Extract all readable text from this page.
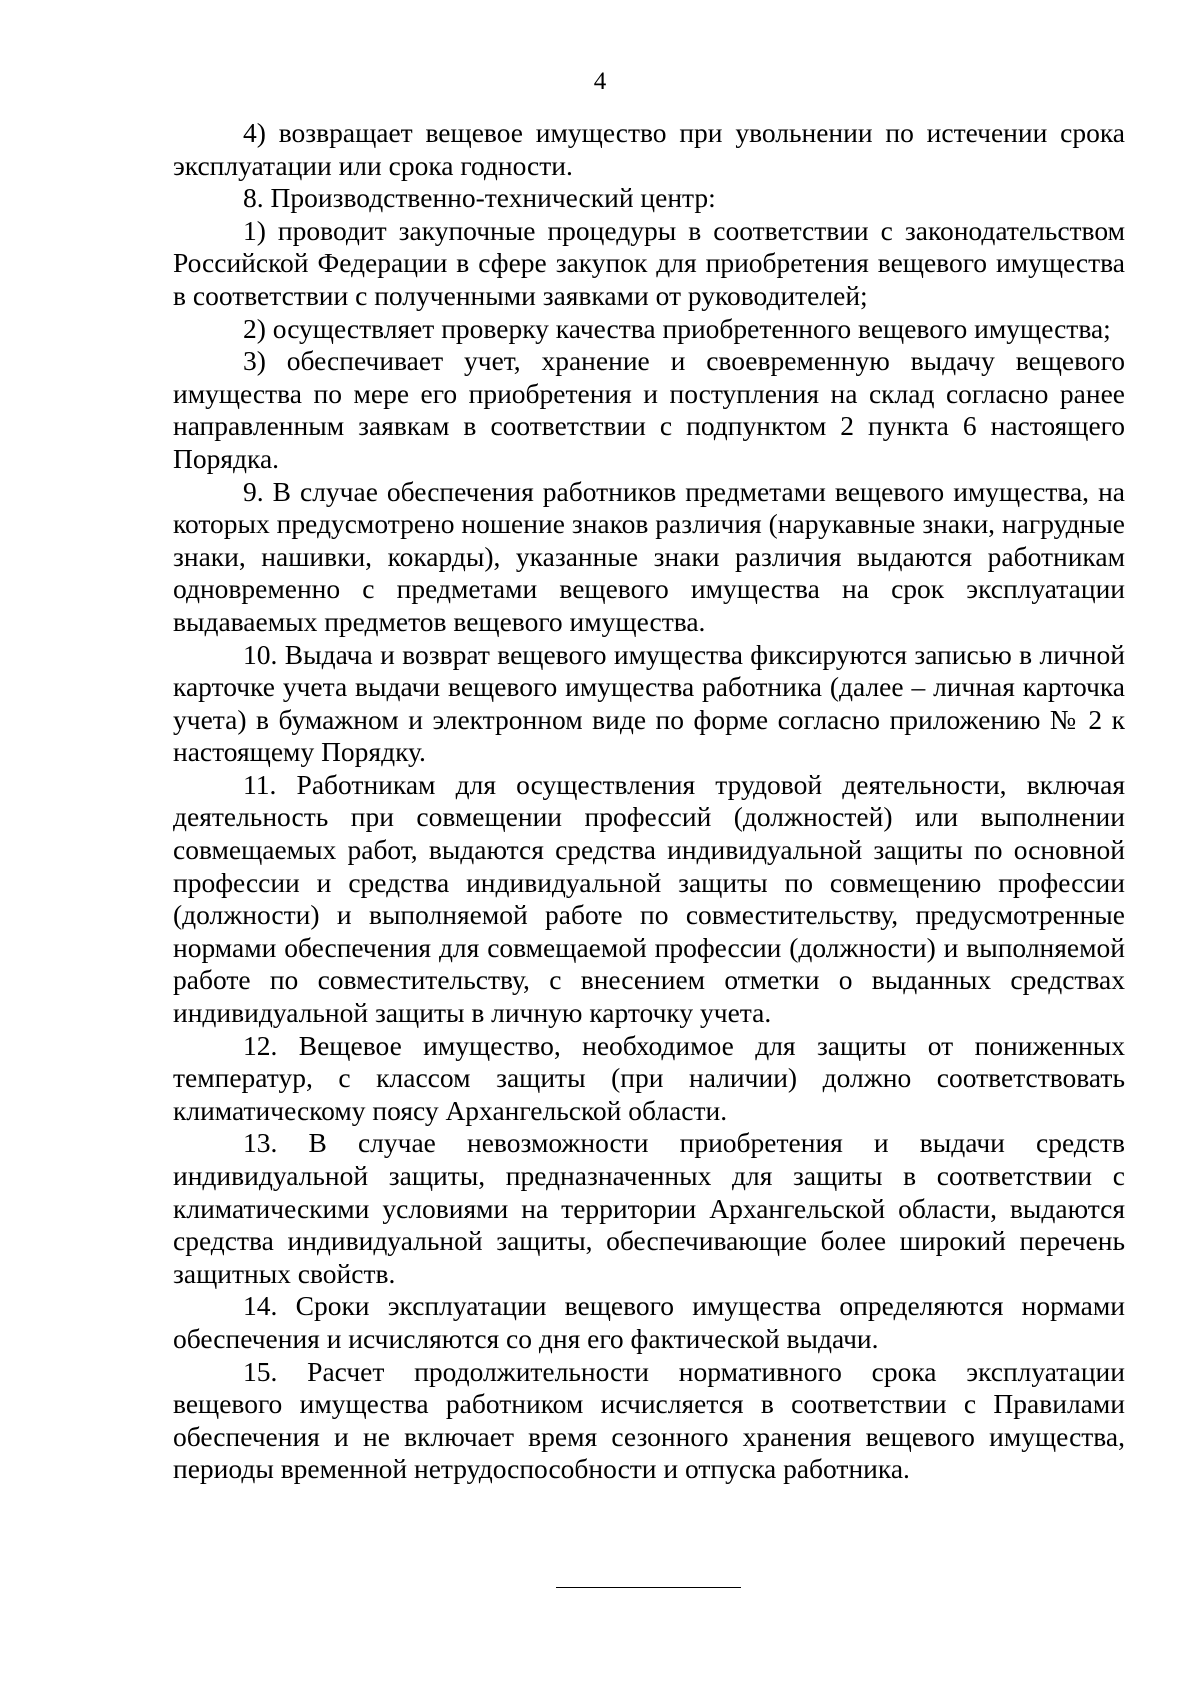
4

4) возвращает вещевое имущество при увольнении по истечении срока эксплуатации или срока годности.

8. Производственно-технический центр:

1) проводит закупочные процедуры в соответствии с законодательством Российской Федерации в сфере закупок для приобретения вещевого имущества в соответствии с полученными заявками от руководителей;

2) осуществляет проверку качества приобретенного вещевого имущества;

3) обеспечивает учет, хранение и своевременную выдачу вещевого имущества по мере его приобретения и поступления на склад согласно ранее направленным заявкам в соответствии с подпунктом 2 пункта 6 настоящего Порядка.

9. В случае обеспечения работников предметами вещевого имущества, на которых предусмотрено ношение знаков различия (нарукавные знаки, нагрудные знаки, нашивки, кокарды), указанные знаки различия выдаются работникам одновременно с предметами вещевого имущества на срок эксплуатации выдаваемых предметов вещевого имущества.

10. Выдача и возврат вещевого имущества фиксируются записью в личной карточке учета выдачи вещевого имущества работника (далее – личная карточка учета) в бумажном и электронном виде по форме согласно приложению № 2 к настоящему Порядку.

11. Работникам для осуществления трудовой деятельности, включая деятельность при совмещении профессий (должностей) или выполнении совмещаемых работ, выдаются средства индивидуальной защиты по основной профессии и средства индивидуальной защиты по совмещению профессии (должности) и выполняемой работе по совместительству, предусмотренные нормами обеспечения для совмещаемой профессии (должности) и выполняемой работе по совместительству, с внесением отметки о выданных средствах индивидуальной защиты в личную карточку учета.

12. Вещевое имущество, необходимое для защиты от пониженных температур, с классом защиты (при наличии) должно соответствовать климатическому поясу Архангельской области.

13. В случае невозможности приобретения и выдачи средств индивидуальной защиты, предназначенных для защиты в соответствии с климатическими условиями на территории Архангельской области, выдаются средства индивидуальной защиты, обеспечивающие более широкий перечень защитных свойств.

14. Сроки эксплуатации вещевого имущества определяются нормами обеспечения и исчисляются со дня его фактической выдачи.

15. Расчет продолжительности нормативного срока эксплуатации вещевого имущества работником исчисляется в соответствии с Правилами обеспечения и не включает время сезонного хранения вещевого имущества, периоды временной нетрудоспособности и отпуска работника.
